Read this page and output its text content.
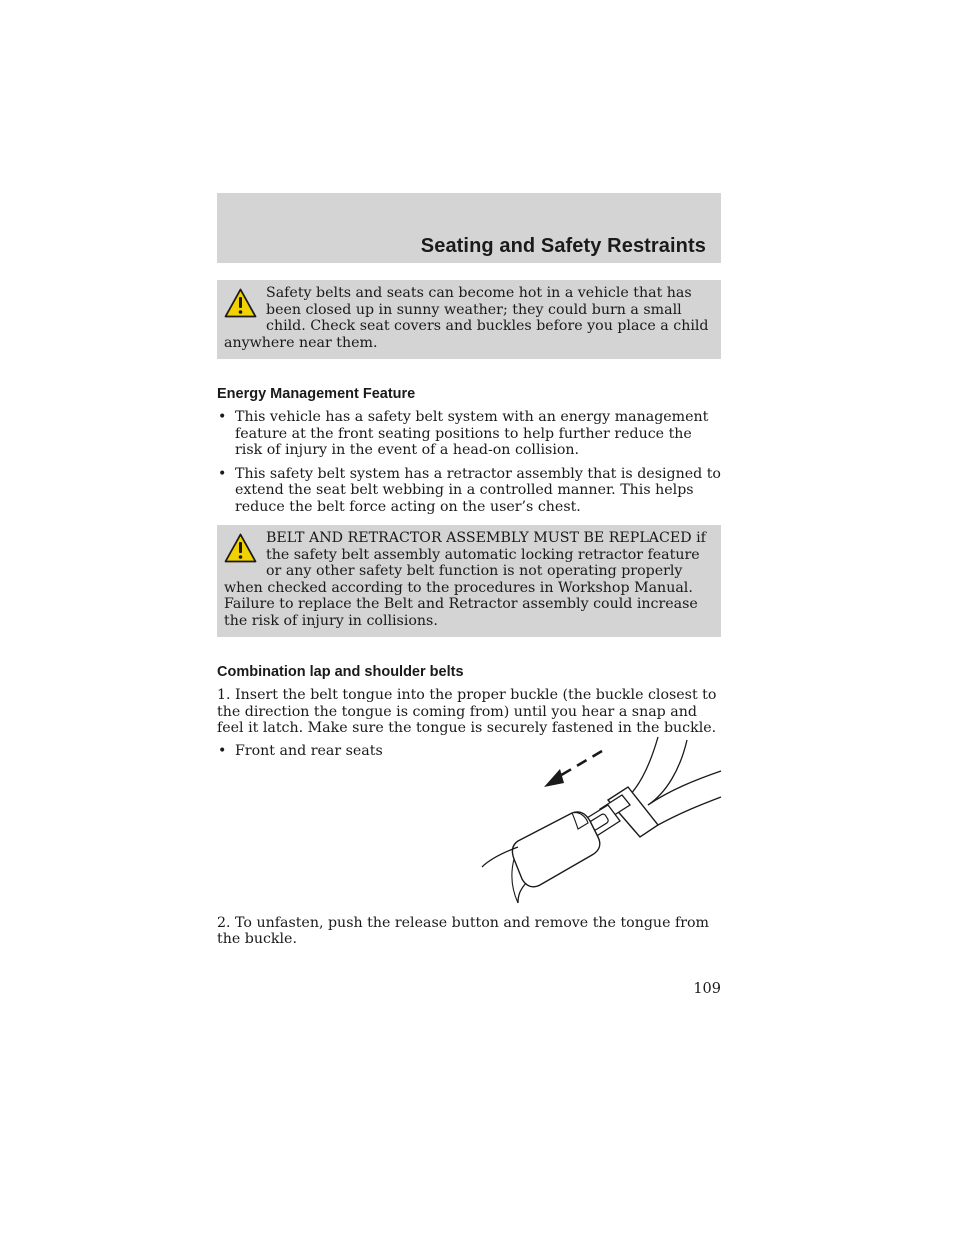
Seating and Safety Restraints

Safety belts and seats can become hot in a vehicle that has been closed up in sunny weather; they could burn a small child. Check seat covers and buckles before you place a child anywhere near them.

Energy Management Feature
• This vehicle has a safety belt system with an energy management feature at the front seating positions to help further reduce the risk of injury in the event of a head-on collision.
• This safety belt system has a retractor assembly that is designed to extend the seat belt webbing in a controlled manner. This helps reduce the belt force acting on the user’s chest.

BELT AND RETRACTOR ASSEMBLY MUST BE REPLACED if the safety belt assembly automatic locking retractor feature or any other safety belt function is not operating properly when checked according to the procedures in Workshop Manual. Failure to replace the Belt and Retractor assembly could increase the risk of injury in collisions.

Combination lap and shoulder belts

1. Insert the belt tongue into the proper buckle (the buckle closest to the direction the tongue is coming from) until you hear a snap and feel it latch. Make sure the tongue is securely fastened in the buckle.

• Front and rear seats

2. To unfasten, push the release button and remove the tongue from the buckle.

109
